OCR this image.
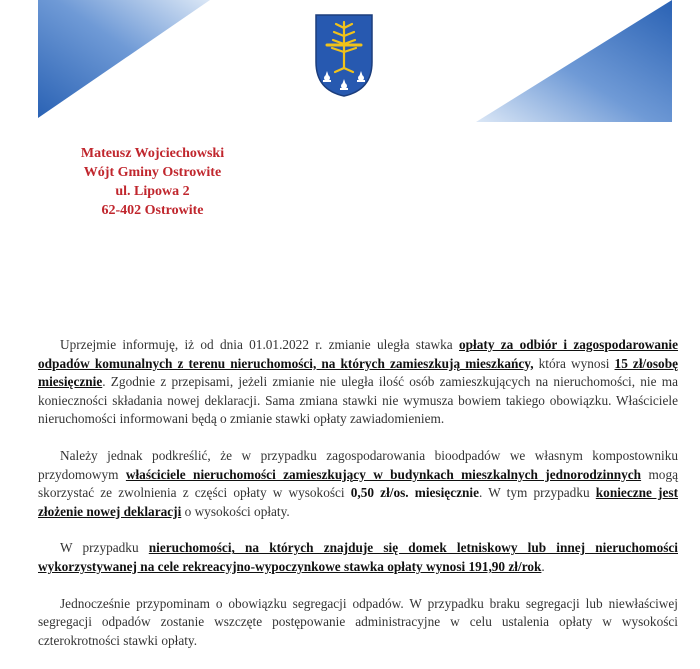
Mateusz Wojciechowski
Wójt Gminy Ostrowite
ul. Lipowa 2
62-402 Ostrowite

Uprzejmie informuję, iż od dnia 01.01.2022 r. zmianie uległa stawka opłaty za odbiór i zagospodarowanie odpadów komunalnych z terenu nieruchomości, na których zamieszkują mieszkańcy, która wynosi 15 zł/osobę miesięcznie. Zgodnie z przepisami, jeżeli zmianie nie uległa ilość osób zamieszkujących na nieruchomości, nie ma konieczności składania nowej deklaracji. Sama zmiana stawki nie wymusza bowiem takiego obowiązku. Właściciele nieruchomości informowani będą o zmianie stawki opłaty zawiadomieniem.

Należy jednak podkreślić, że w przypadku zagospodarowania bioodpadów we własnym kompostowniku przydomowym właściciele nieruchomości zamieszkujący w budynkach mieszkalnych jednorodzinnych mogą skorzystać ze zwolnienia z części opłaty w wysokości 0,50 zł/os. miesięcznie. W tym przypadku konieczne jest złożenie nowej deklaracji o wysokości opłaty.

W przypadku nieruchomości, na których znajduje się domek letniskowy lub innej nieruchomości wykorzystywanej na cele rekreacyjno-wypoczynkowe stawka opłaty wynosi 191,90 zł/rok.

Jednocześnie przypominam o obowiązku segregacji odpadów. W przypadku braku segregacji lub niewłaściwej segregacji odpadów zostanie wszczęte postępowanie administracyjne w celu ustalenia opłaty w wysokości czterokrotności stawki opłaty.
